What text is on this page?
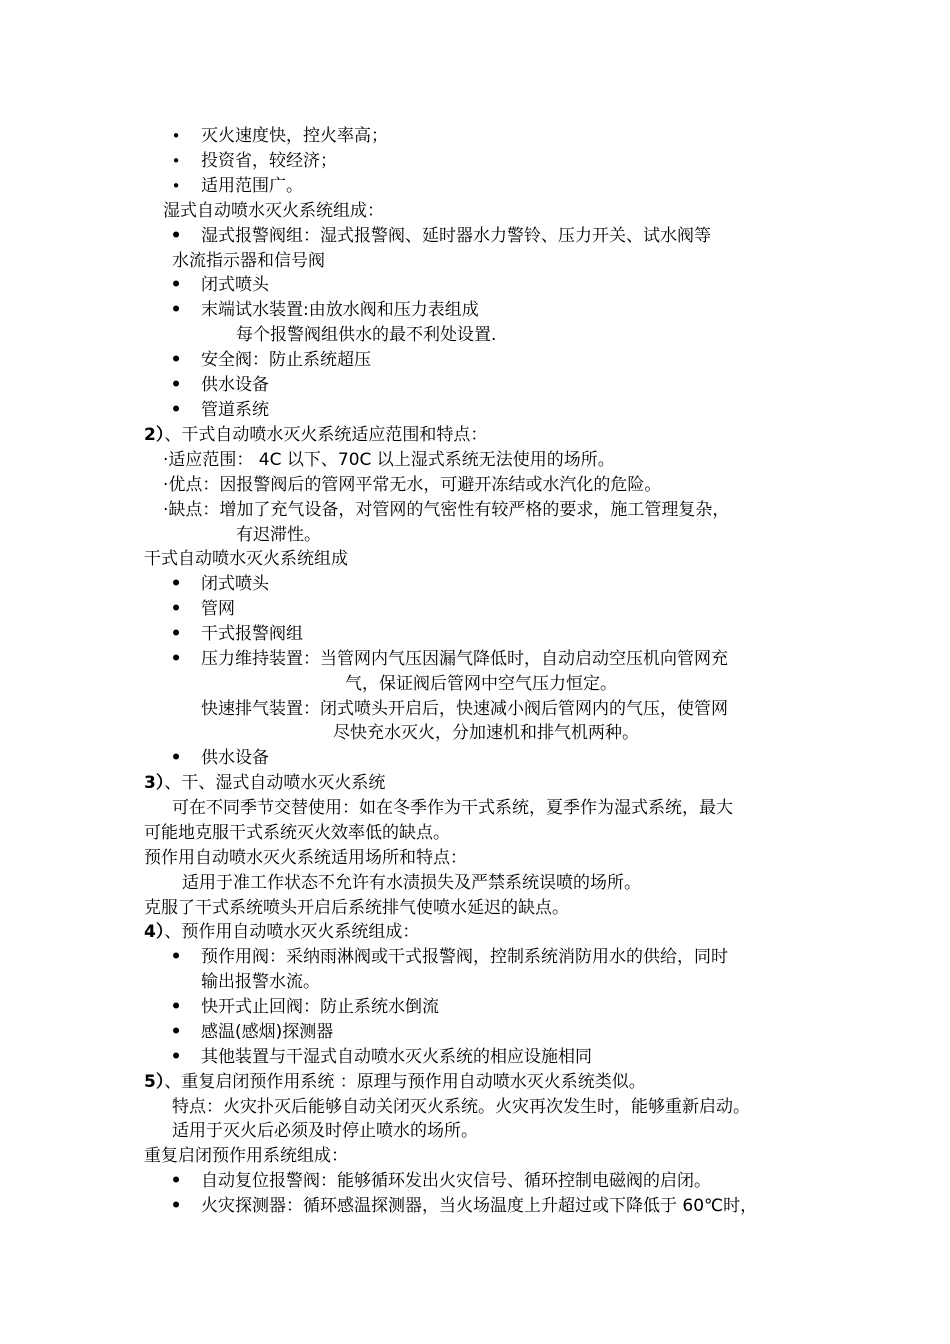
• 灭火速度快，控火率高；
• 投资省，较经济；
• 适用范围广。
湿式自动喷水灭火系统组成：
• 湿式报警阀组：湿式报警阀、延时器水力警铃、压力开关、试水阀等
水流指示器和信号阀
• 闭式喷头
• 末端试水装置:由放水阀和压力表组成
每个报警阀组供水的最不利处设置.
• 安全阀：防止系统超压
• 供水设备
• 管道系统
2）、干式自动喷水灭火系统适应范围和特点：
·适应范围： 4C 以下、70C 以上湿式系统无法使用的场所。
·优点：因报警阀后的管网平常无水，可避开冻结或水汽化的危险。
·缺点：增加了充气设备，对管网的气密性有较严格的要求，施工管理复杂，
有迟滞性。
干式自动喷水灭火系统组成
• 闭式喷头
• 管网
• 干式报警阀组
• 压力维持装置：当管网内气压因漏气降低时，自动启动空压机向管网充
气，保证阀后管网中空气压力恒定。
快速排气装置：闭式喷头开启后，快速减小阀后管网内的气压，使管网
尽快充水灭火，分加速机和排气机两种。
• 供水设备
3）、干、湿式自动喷水灭火系统
可在不同季节交替使用：如在冬季作为干式系统，夏季作为湿式系统，最大
可能地克服干式系统灭火效率低的缺点。
预作用自动喷水灭火系统适用场所和特点：
适用于准工作状态不允许有水渍损失及严禁系统误喷的场所。
克服了干式系统喷头开启后系统排气使喷水延迟的缺点。
4）、预作用自动喷水灭火系统组成：
• 预作用阀：采纳雨淋阀或干式报警阀，控制系统消防用水的供给，同时
输出报警水流。
• 快开式止回阀：防止系统水倒流
• 感温(感烟)探测器
• 其他装置与干湿式自动喷水灭火系统的相应设施相同
5）、重复启闭预作用系统 ：原理与预作用自动喷水灭火系统类似。
特点：火灾扑灭后能够自动关闭灭火系统。火灾再次发生时，能够重新启动。
适用于灭火后必须及时停止喷水的场所。
重复启闭预作用系统组成：
• 自动复位报警阀：能够循环发出火灾信号、循环控制电磁阀的启闭。
• 火灾探测器：循环感温探测器，当火场温度上升超过或下降低于 60℃时，
